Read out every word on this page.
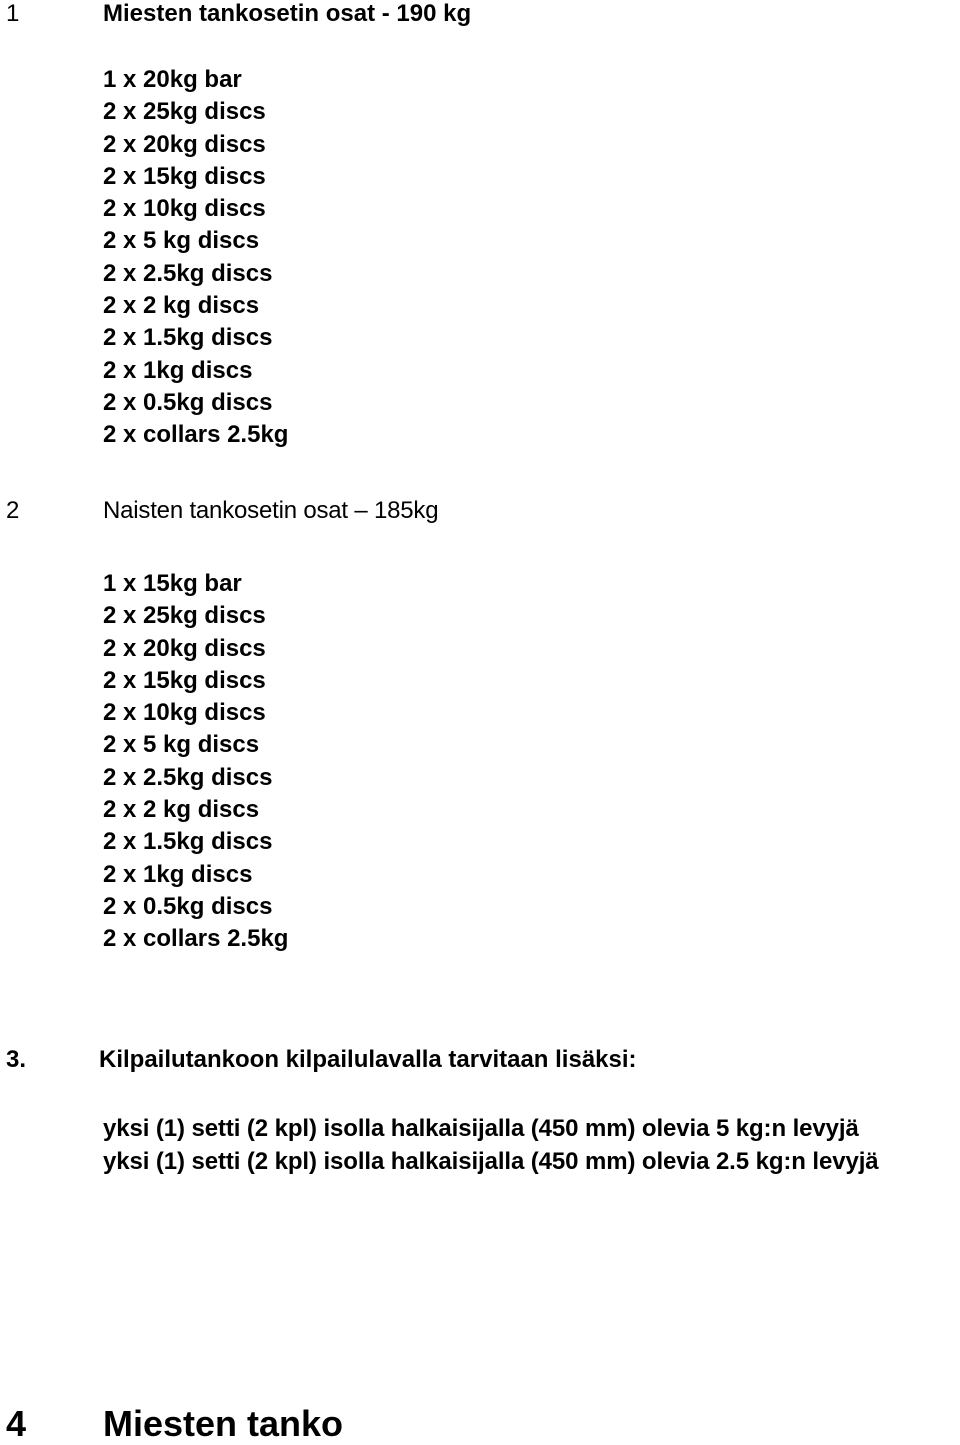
1	Miesten tankosetin osat - 190 kg
1 x 20kg bar
2 x 25kg discs
2 x 20kg discs
2 x 15kg discs
2 x 10kg discs
2 x 5 kg discs
2 x 2.5kg discs
2 x 2 kg discs
2 x 1.5kg discs
2 x 1kg discs
2 x 0.5kg discs
2 x collars 2.5kg
2	Naisten tankosetin osat – 185kg
1 x 15kg bar
2 x 25kg discs
2 x 20kg discs
2 x 15kg discs
2 x 10kg discs
2 x 5 kg discs
2 x 2.5kg discs
2 x 2 kg discs
2 x 1.5kg discs
2 x 1kg discs
2 x 0.5kg discs
2 x collars 2.5kg
3.	Kilpailutankoon kilpailulavalla tarvitaan lisäksi:
yksi (1) setti (2 kpl) isolla halkaisijalla (450 mm) olevia 5 kg:n levyjä
yksi (1) setti (2 kpl) isolla halkaisijalla (450 mm) olevia 2.5 kg:n levyjä
4 Miesten tanko
